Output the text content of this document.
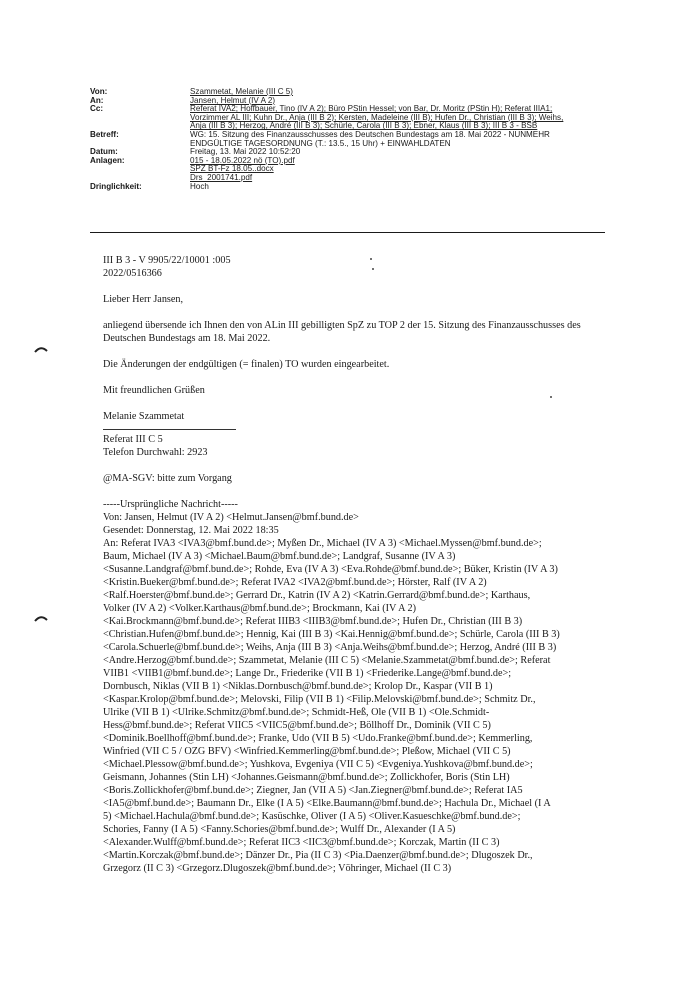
Von:	Szammetat, Melanie (III C 5)
An:	Jansen, Helmut (IV A 2)
Cc:	Referat IVA2; Hoffbauer, Tino (IV A 2); Büro PStin Hessel; von Bar, Dr. Moritz (PStin H); Referat IIIA1;
Vorzimmer AL III; Kuhn Dr., Anja (III B 2); Kersten, Madeleine (III B); Hufen Dr., Christian (III B 3); Weihs,
Anja (III B 3); Herzog, André (III B 3); Schürle, Carola (III B 3); Ebner, Klaus (III B 3); III B 3 - BSB
Betreff:	WG: 15. Sitzung des Finanzausschusses des Deutschen Bundestags am 18. Mai 2022 - NUNMEHR
ENDGÜLTIGE TAGESORDNUNG (T.: 13.5., 15 Uhr) + EINWAHLDATEN
Datum:	Freitag, 13. Mai 2022 10:52:20
Anlagen:	015 - 18.05.2022 nö (TO).pdf
SPZ BT-Fz 18.05..docx
Drs_2001741.pdf
Dringlichkeit:	Hoch

III B 3 - V 9905/22/10001 :005

2022/0516366

Lieber Herr Jansen,

anliegend übersende ich Ihnen den von ALin III gebilligten SpZ zu TOP 2 der 15. Sitzung des Finanzausschusses des Deutschen Bundestags am 18. Mai 2022.

Die Änderungen der endgültigen (= finalen) TO wurden eingearbeitet.

Mit freundlichen Grüßen

Melanie Szammetat

Referat III C 5

Telefon Durchwahl: 2923

@MA-SGV: bitte zum Vorgang

-----Ursprüngliche Nachricht-----

Von: Jansen, Helmut (IV A 2) <Helmut.Jansen@bmf.bund.de>

Gesendet: Donnerstag, 12. Mai 2022 18:35

An: Referat IVA3 <IVA3@bmf.bund.de>; Myßen Dr., Michael (IV A 3) <Michael.Myssen@bmf.bund.de>;

Baum, Michael (IV A 3) <Michael.Baum@bmf.bund.de>; Landgraf, Susanne (IV A 3)

<Susanne.Landgraf@bmf.bund.de>; Rohde, Eva (IV A 3) <Eva.Rohde@bmf.bund.de>; Büker, Kristin (IV A 3)

<Kristin.Bueker@bmf.bund.de>; Referat IVA2 <IVA2@bmf.bund.de>; Hörster, Ralf (IV A 2)

<Ralf.Hoerster@bmf.bund.de>; Gerrard Dr., Katrin (IV A 2) <Katrin.Gerrard@bmf.bund.de>; Karthaus,

Volker (IV A 2) <Volker.Karthaus@bmf.bund.de>; Brockmann, Kai (IV A 2)

<Kai.Brockmann@bmf.bund.de>; Referat IIIB3 <IIIB3@bmf.bund.de>; Hufen Dr., Christian (III B 3)

<Christian.Hufen@bmf.bund.de>; Hennig, Kai (III B 3) <Kai.Hennig@bmf.bund.de>; Schürle, Carola (III B 3)

<Carola.Schuerle@bmf.bund.de>; Weihs, Anja (III B 3) <Anja.Weihs@bmf.bund.de>; Herzog, André (III B 3)

<Andre.Herzog@bmf.bund.de>; Szammetat, Melanie (III C 5) <Melanie.Szammetat@bmf.bund.de>; Referat

VIIB1 <VIIB1@bmf.bund.de>; Lange Dr., Friederike (VII B 1) <Friederike.Lange@bmf.bund.de>;

Dornbusch, Niklas (VII B 1) <Niklas.Dornbusch@bmf.bund.de>; Krolop Dr., Kaspar (VII B 1)

<Kaspar.Krolop@bmf.bund.de>; Melovski, Filip (VII B 1) <Filip.Melovski@bmf.bund.de>; Schmitz Dr.,

Ulrike (VII B 1) <Ulrike.Schmitz@bmf.bund.de>; Schmidt-Heß, Ole (VII B 1) <Ole.Schmidt-

Hess@bmf.bund.de>; Referat VIIC5 <VIIC5@bmf.bund.de>; Böllhoff Dr., Dominik (VII C 5)

<Dominik.Boellhoff@bmf.bund.de>; Franke, Udo (VII B 5) <Udo.Franke@bmf.bund.de>; Kemmerling,

Winfried (VII C 5 / OZG BFV) <Winfried.Kemmerling@bmf.bund.de>; Pleßow, Michael (VII C 5)

<Michael.Plessow@bmf.bund.de>; Yushkova, Evgeniya (VII C 5) <Evgeniya.Yushkova@bmf.bund.de>;

Geismann, Johannes (Stin LH) <Johannes.Geismann@bmf.bund.de>; Zollickhofer, Boris (Stin LH)

<Boris.Zollickhofer@bmf.bund.de>; Ziegner, Jan (VII A 5) <Jan.Ziegner@bmf.bund.de>; Referat IA5

<IA5@bmf.bund.de>; Baumann Dr., Elke (I A 5) <Elke.Baumann@bmf.bund.de>; Hachula Dr., Michael (I A

5) <Michael.Hachula@bmf.bund.de>; Kasüschke, Oliver (I A 5) <Oliver.Kasueschke@bmf.bund.de>;

Schories, Fanny (I A 5) <Fanny.Schories@bmf.bund.de>; Wulff Dr., Alexander (I A 5)

<Alexander.Wulff@bmf.bund.de>; Referat IIC3 <IIC3@bmf.bund.de>; Korczak, Martin (II C 3)

<Martin.Korczak@bmf.bund.de>; Dänzer Dr., Pia (II C 3) <Pia.Daenzer@bmf.bund.de>; Dlugoszek Dr.,

Grzegorz (II C 3) <Grzegorz.Dlugoszek@bmf.bund.de>; Vöhringer, Michael (II C 3)
